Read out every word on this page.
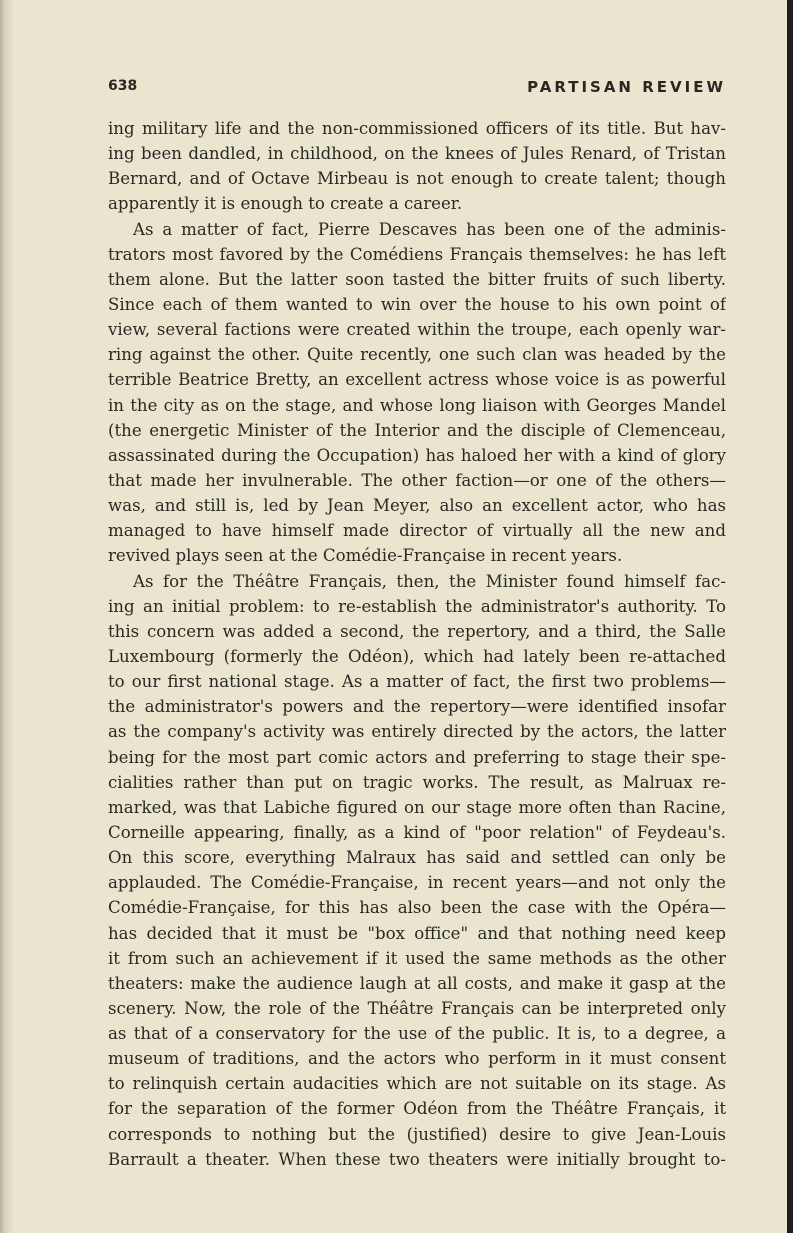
638	PARTISAN REVIEW
ing military life and the non-commissioned officers of its title. But hav-
ing been dandled, in childhood, on the knees of Jules Renard, of Tristan
Bernard, and of Octave Mirbeau is not enough to create talent; though
apparently it is enough to create a career.
As a matter of fact, Pierre Descaves has been one of the adminis-
trators most favored by the Comédiens Français themselves: he has left
them alone. But the latter soon tasted the bitter fruits of such liberty.
Since each of them wanted to win over the house to his own point of
view, several factions were created within the troupe, each openly war-
ring against the other. Quite recently, one such clan was headed by the
terrible Beatrice Bretty, an excellent actress whose voice is as powerful
in the city as on the stage, and whose long liaison with Georges Mandel
(the energetic Minister of the Interior and the disciple of Clemenceau,
assassinated during the Occupation) has haloed her with a kind of glory
that made her invulnerable. The other faction—or one of the others—
was, and still is, led by Jean Meyer, also an excellent actor, who has
managed to have himself made director of virtually all the new and
revived plays seen at the Comédie-Française in recent years.
As for the Théâtre Français, then, the Minister found himself fac-
ing an initial problem: to re-establish the administrator's authority. To
this concern was added a second, the repertory, and a third, the Salle
Luxembourg (formerly the Odéon), which had lately been re-attached
to our first national stage. As a matter of fact, the first two problems—
the administrator's powers and the repertory—were identified insofar
as the company's activity was entirely directed by the actors, the latter
being for the most part comic actors and preferring to stage their spe-
cialities rather than put on tragic works. The result, as Malruax re-
marked, was that Labiche figured on our stage more often than Racine,
Corneille appearing, finally, as a kind of "poor relation" of Feydeau's.
On this score, everything Malraux has said and settled can only be
applauded. The Comédie-Française, in recent years—and not only the
Comédie-Française, for this has also been the case with the Opéra—
has decided that it must be "box office" and that nothing need keep
it from such an achievement if it used the same methods as the other
theaters: make the audience laugh at all costs, and make it gasp at the
scenery. Now, the role of the Théâtre Français can be interpreted only
as that of a conservatory for the use of the public. It is, to a degree, a
museum of traditions, and the actors who perform in it must consent
to relinquish certain audacities which are not suitable on its stage. As
for the separation of the former Odéon from the Théâtre Français, it
corresponds to nothing but the (justified) desire to give Jean-Louis
Barrault a theater. When these two theaters were initially brought to-
